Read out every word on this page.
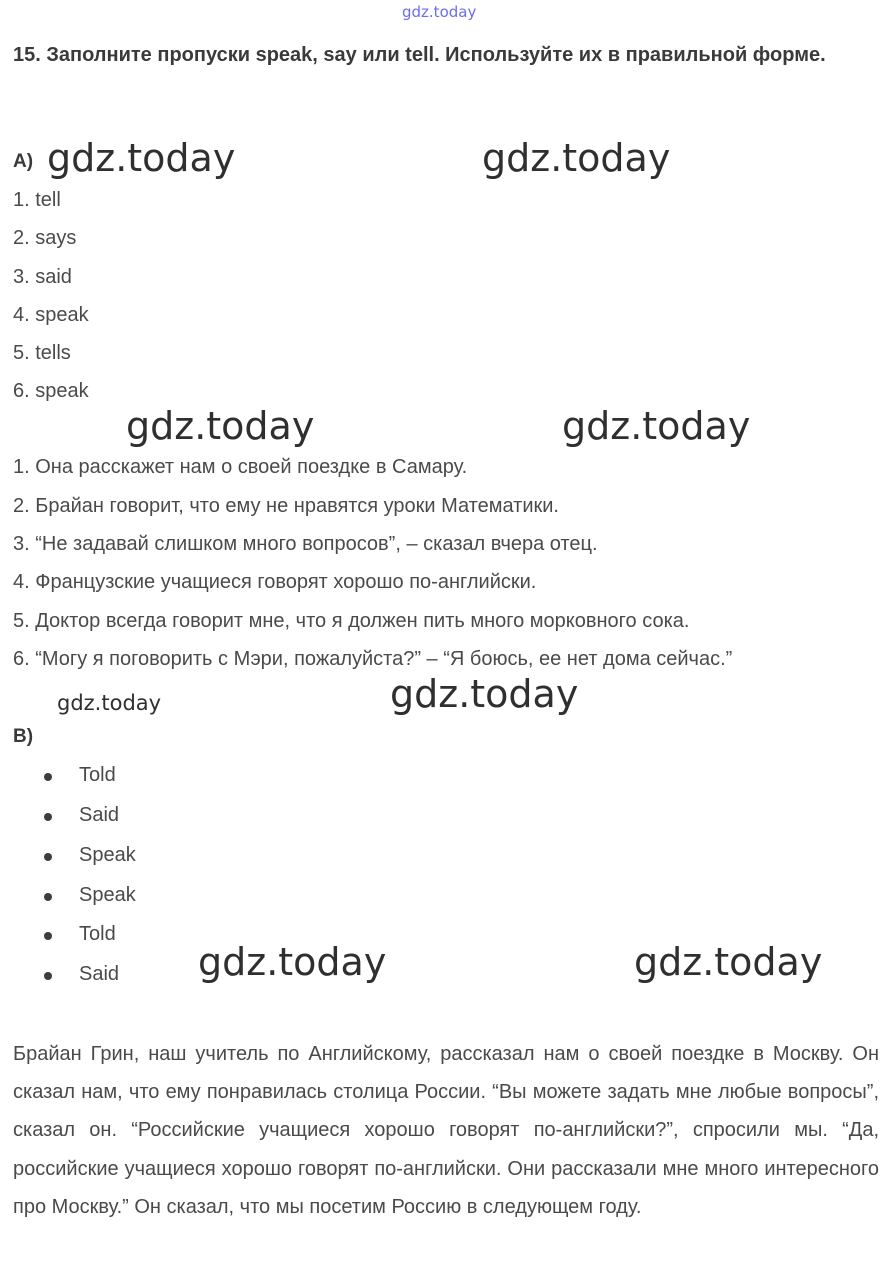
gdz.today
15. Заполните пропуски speak, say или tell. Используйте их в правильной форме.
А) gdz.today	gdz.today
1. tell
2. says
3. said
4. speak
5. tells
6. speak
gdz.today	gdz.today
1. Она расскажет нам о своей поездке в Самару.
2. Брайан говорит, что ему не нравятся уроки Математики.
3. “Не задавай слишком много вопросов”, – сказал вчера отец.
4. Французские учащиеся говорят хорошо по-английски.
5. Доктор всегда говорит мне, что я должен пить много морковного сока.
6. “Могу я поговорить с Мэри, пожалуйста?” – “Я боюсь, ее нет дома сейчас.”
gdz.today	gdz.today
B)
Told
Said
Speak
Speak
Told
Said gdz.today	gdz.today
Брайан Грин, наш учитель по Английскому, рассказал нам о своей поездке в Москву. Он сказал нам, что ему понравилась столица России. “Вы можете задать мне любые вопросы”, сказал он. “Российские учащиеся хорошо говорят по-английски?”, спросили мы. “Да, российские учащиеся хорошо говорят по-английски. Они рассказали мне много интересного про Москву.” Он сказал, что мы посетим Россию в следующем году.
